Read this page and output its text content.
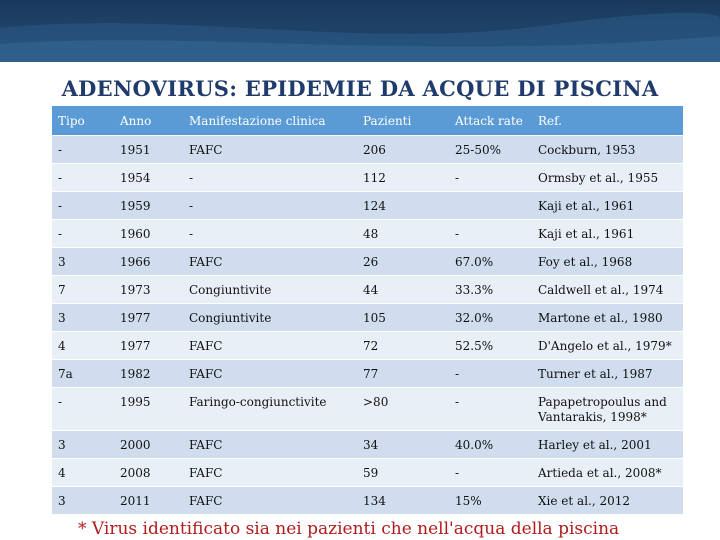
ADENOVIRUS: EPIDEMIE DA ACQUE DI PISCINA
Tipo	Anno	Manifestazione clinica	Pazienti	Attack rate	Ref.
-	1951	FAFC	206	25-50%	Cockburn, 1953
-	1954	-	112	-	Ormsby et al., 1955
-	1959	-	124		Kaji et al., 1961
-	1960	-	48	-	Kaji et al., 1961
3	1966	FAFC	26	67.0%	Foy et al., 1968
7	1973	Congiuntivite	44	33.3%	Caldwell et al., 1974
3	1977	Congiuntivite	105	32.0%	Martone et al., 1980
4	1977	FAFC	72	52.5%	D'Angelo et al., 1979*
7a	1982	FAFC	77	-	Turner et al., 1987
-	1995	Faringo-congiunctivite	>80	-	Papapetropoulus and Vantarakis, 1998*
3	2000	FAFC	34	40.0%	Harley et al., 2001
4	2008	FAFC	59	-	Artieda et al., 2008*
3	2011	FAFC	134	15%	Xie et al., 2012
* Virus identificato sia nei pazienti che nell'acqua della piscina
